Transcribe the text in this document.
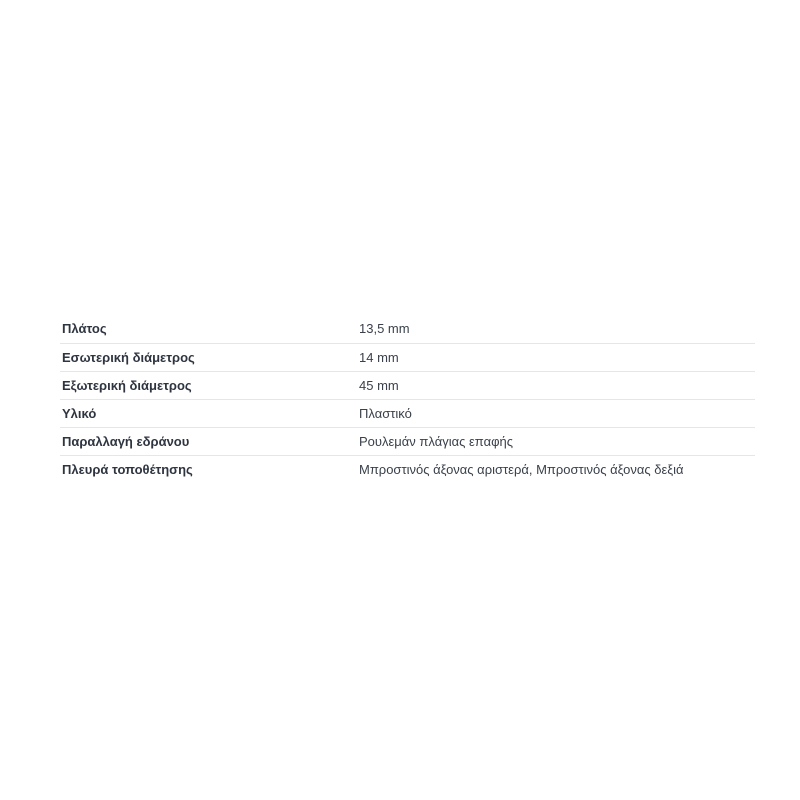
Πλάτος	13,5 mm
Εσωτερική διάμετρος	14 mm
Εξωτερική διάμετρος	45 mm
Υλικό	Πλαστικό
Παραλλαγή εδράνου	Ρουλεμάν πλάγιας επαφής
Πλευρά τοποθέτησης	Μπροστινός άξονας αριστερά, Μπροστινός άξονας δεξιά
